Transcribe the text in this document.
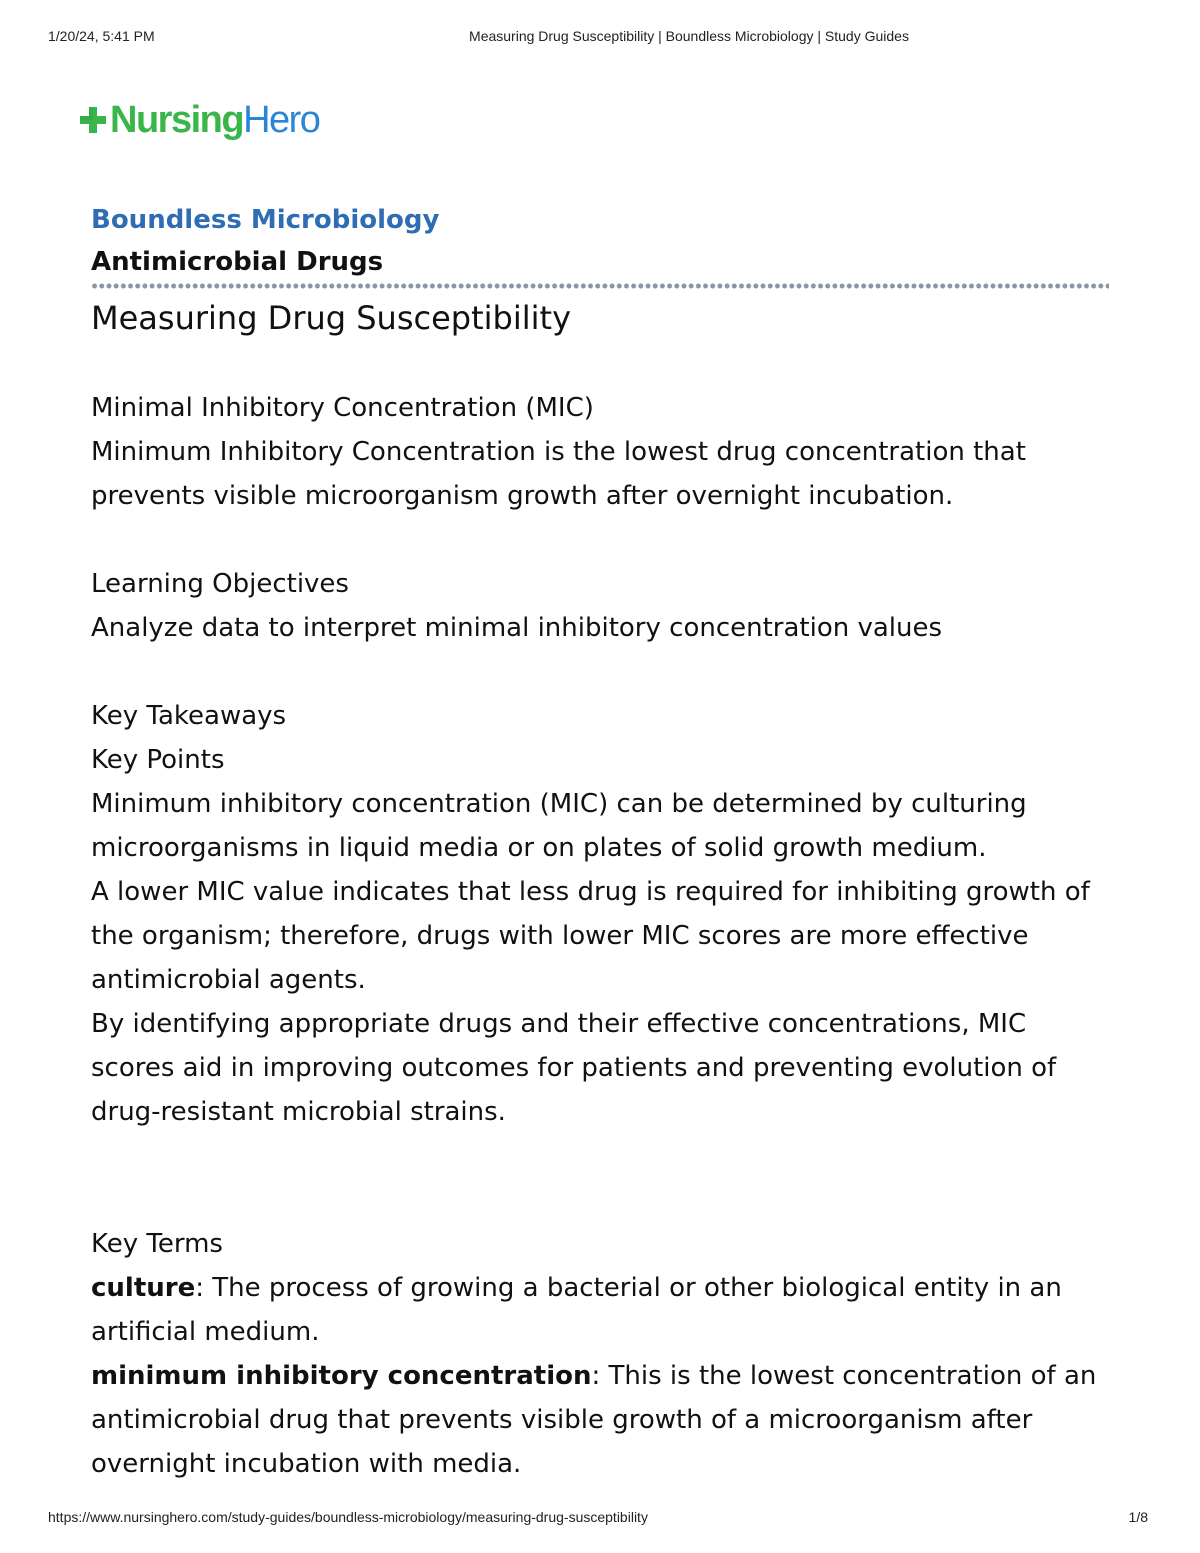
1/20/24, 5:41 PM	Measuring Drug Susceptibility | Boundless Microbiology | Study Guides
NursingHero
Boundless Microbiology
Antimicrobial Drugs
Measuring Drug Susceptibility

Minimal Inhibitory Concentration (MIC)

Minimum Inhibitory Concentration is the lowest drug concentration that prevents visible microorganism growth after overnight incubation.

Learning Objectives

Analyze data to interpret minimal inhibitory concentration values

Key Takeaways

Key Points

Minimum inhibitory concentration (MIC) can be determined by culturing microorganisms in liquid media or on plates of solid growth medium.

A lower MIC value indicates that less drug is required for inhibiting growth of the organism; therefore, drugs with lower MIC scores are more effective antimicrobial agents.

By identifying appropriate drugs and their effective concentrations, MIC scores aid in improving outcomes for patients and preventing evolution of drug-resistant microbial strains.

Key Terms

culture: The process of growing a bacterial or other biological entity in an artificial medium.

minimum inhibitory concentration: This is the lowest concentration of an antimicrobial drug that prevents visible growth of a microorganism after overnight incubation with media.

https://www.nursinghero.com/study-guides/boundless-microbiology/measuring-drug-susceptibility	1/8
